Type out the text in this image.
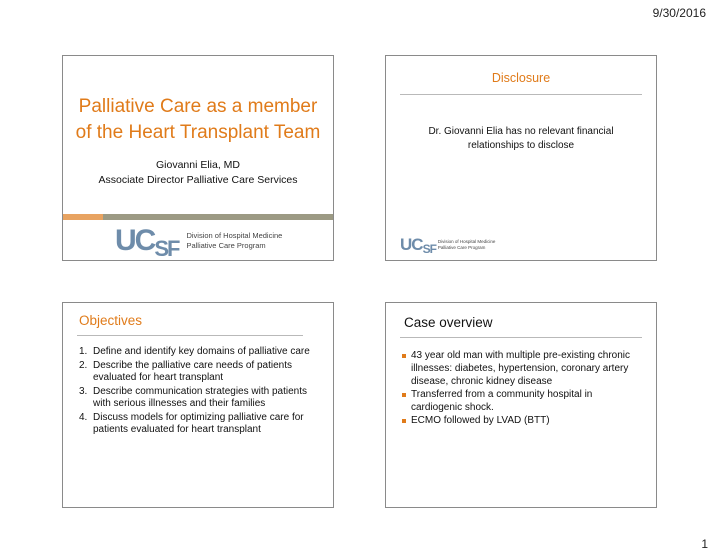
9/30/2016
Palliative Care as a member
of the Heart Transplant Team
Giovanni Elia, MD
Associate Director Palliative Care Services
UCSF
Division of Hospital Medicine
Palliative Care Program
Disclosure
Dr. Giovanni Elia has no relevant financial
relationships to disclose
UCSF
Division of Hospital Medicine
Palliative Care Program
Objectives
1. Define and identify key domains of palliative care
2. Describe the palliative care needs of patients evaluated for heart transplant
3. Describe communication strategies with patients with serious illnesses and their families
4. Discuss models for optimizing palliative care for patients evaluated for heart transplant
Case overview
43 year old man with multiple pre-existing chronic illnesses: diabetes, hypertension, coronary artery disease, chronic kidney disease
Transferred from a community hospital in cardiogenic shock.
ECMO followed by LVAD (BTT)
1
